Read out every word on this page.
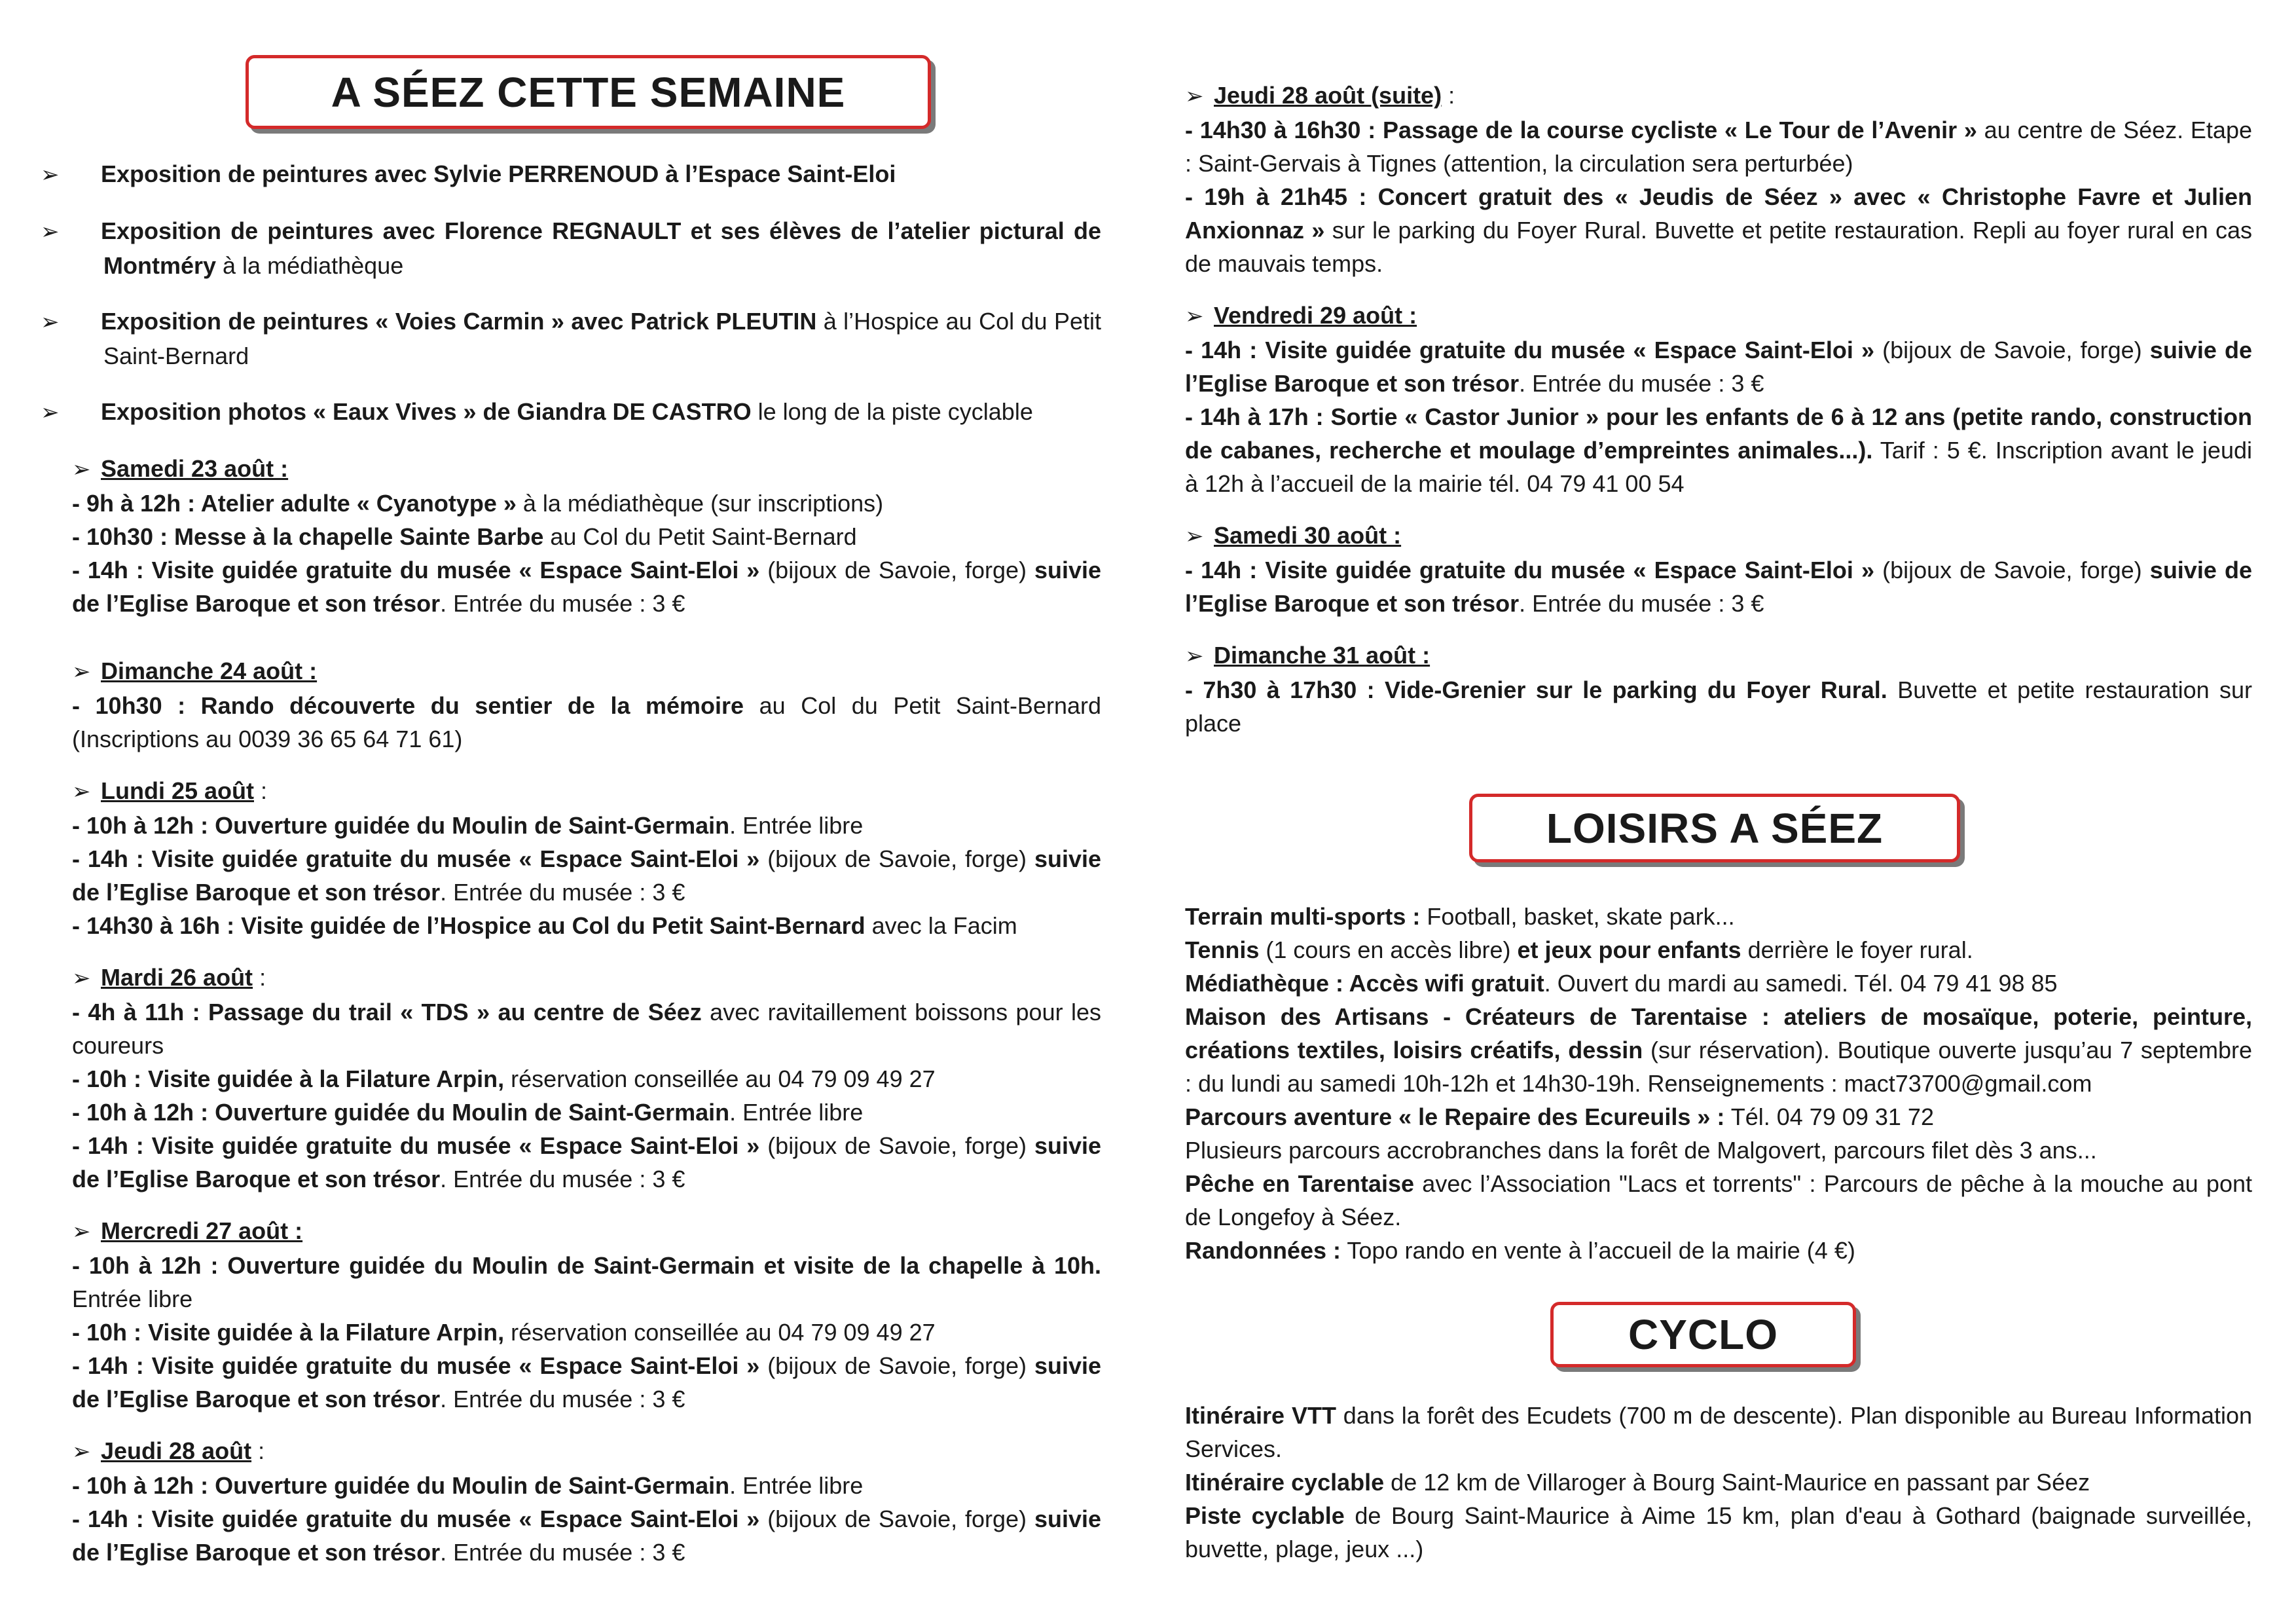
A SÉEZ CETTE SEMAINE

➢ Exposition de peintures avec Sylvie PERRENOUD à l’Espace Saint-Eloi

➢ Exposition de peintures avec Florence REGNAULT et ses élèves de l’atelier pictural de Montméry à la médiathèque

➢ Exposition de peintures « Voies Carmin » avec Patrick PLEUTIN à l’Hospice au Col du Petit Saint-Bernard

➢ Exposition photos « Eaux Vives » de Giandra DE CASTRO le long de la piste cyclable

➢ Samedi 23 août :

- 9h à 12h : Atelier adulte « Cyanotype » à la médiathèque (sur inscriptions)

- 10h30 : Messe à la chapelle Sainte Barbe au Col du Petit Saint-Bernard

- 14h : Visite guidée gratuite du musée « Espace Saint-Eloi » (bijoux de Savoie, forge) suivie de l’Eglise Baroque et son trésor. Entrée du musée : 3 €

➢ Dimanche 24 août :

- 10h30 : Rando découverte du sentier de la mémoire au Col du Petit Saint-Bernard (Inscriptions au 0039 36 65 64 71 61)

➢ Lundi 25 août :

- 10h à 12h : Ouverture guidée du Moulin de Saint-Germain. Entrée libre

- 14h : Visite guidée gratuite du musée « Espace Saint-Eloi » (bijoux de Savoie, forge) suivie de l’Eglise Baroque et son trésor. Entrée du musée : 3 €

- 14h30 à 16h : Visite guidée de l’Hospice au Col du Petit Saint-Bernard avec la Facim

➢ Mardi 26 août :

- 4h à 11h : Passage du trail « TDS » au centre de Séez avec ravitaillement boissons pour les coureurs

- 10h : Visite guidée à la Filature Arpin, réservation conseillée au 04 79 09 49 27

- 10h à 12h : Ouverture guidée du Moulin de Saint-Germain. Entrée libre

- 14h : Visite guidée gratuite du musée « Espace Saint-Eloi » (bijoux de Savoie, forge) suivie de l’Eglise Baroque et son trésor. Entrée du musée : 3 €

➢ Mercredi 27 août :

- 10h à 12h : Ouverture guidée du Moulin de Saint-Germain et visite de la chapelle à 10h. Entrée libre

- 10h : Visite guidée à la Filature Arpin, réservation conseillée au 04 79 09 49 27

- 14h : Visite guidée gratuite du musée « Espace Saint-Eloi » (bijoux de Savoie, forge) suivie de l’Eglise Baroque et son trésor. Entrée du musée : 3 €

➢ Jeudi 28 août :

- 10h à 12h : Ouverture guidée du Moulin de Saint-Germain. Entrée libre

- 14h : Visite guidée gratuite du musée « Espace Saint-Eloi » (bijoux de Savoie, forge) suivie de l’Eglise Baroque et son trésor. Entrée du musée : 3 €

➢ Jeudi 28 août (suite) :

- 14h30 à 16h30 : Passage de la course cycliste « Le Tour de l’Avenir » au centre de Séez. Etape : Saint-Gervais à Tignes (attention, la circulation sera perturbée)

- 19h à 21h45 : Concert gratuit des « Jeudis de Séez » avec « Christophe Favre et Julien Anxionnaz » sur le parking du Foyer Rural. Buvette et petite restauration. Repli au foyer rural en cas de mauvais temps.

➢ Vendredi 29 août :

- 14h : Visite guidée gratuite du musée « Espace Saint-Eloi » (bijoux de Savoie, forge) suivie de l’Eglise Baroque et son trésor. Entrée du musée : 3 €

- 14h à 17h : Sortie « Castor Junior » pour les enfants de 6 à 12 ans (petite rando, construction de cabanes, recherche et moulage d’empreintes animales...). Tarif : 5 €. Inscription avant le jeudi à 12h à l’accueil de la mairie tél. 04 79 41 00 54

➢ Samedi 30 août :

- 14h : Visite guidée gratuite du musée « Espace Saint-Eloi » (bijoux de Savoie, forge) suivie de l’Eglise Baroque et son trésor. Entrée du musée : 3 €

➢ Dimanche 31 août :

- 7h30 à 17h30 : Vide-Grenier sur le parking du Foyer Rural. Buvette et petite restauration sur place

LOISIRS A SÉEZ

Terrain multi-sports : Football, basket, skate park...

Tennis (1 cours en accès libre) et jeux pour enfants derrière le foyer rural.

Médiathèque : Accès wifi gratuit. Ouvert du mardi au samedi. Tél. 04 79 41 98 85

Maison des Artisans - Créateurs de Tarentaise : ateliers de mosaïque, poterie, peinture, créations textiles, loisirs créatifs, dessin (sur réservation). Boutique ouverte jusqu’au 7 septembre : du lundi au samedi 10h-12h et 14h30-19h. Renseignements : mact73700@gmail.com

Parcours aventure « le Repaire des Ecureuils » : Tél. 04 79 09 31 72

Plusieurs parcours accrobranches dans la forêt de Malgovert, parcours filet dès 3 ans...

Pêche en Tarentaise avec l’Association "Lacs et torrents" : Parcours de pêche à la mouche au pont de Longefoy à Séez.

Randonnées : Topo rando en vente à l’accueil de la mairie (4 €)

CYCLO

Itinéraire VTT dans la forêt des Ecudets (700 m de descente). Plan disponible au Bureau Information Services.

Itinéraire cyclable de 12 km de Villaroger à Bourg Saint-Maurice en passant par Séez

Piste cyclable de Bourg Saint-Maurice à Aime 15 km, plan d'eau à Gothard (baignade surveillée, buvette, plage, jeux ...)
